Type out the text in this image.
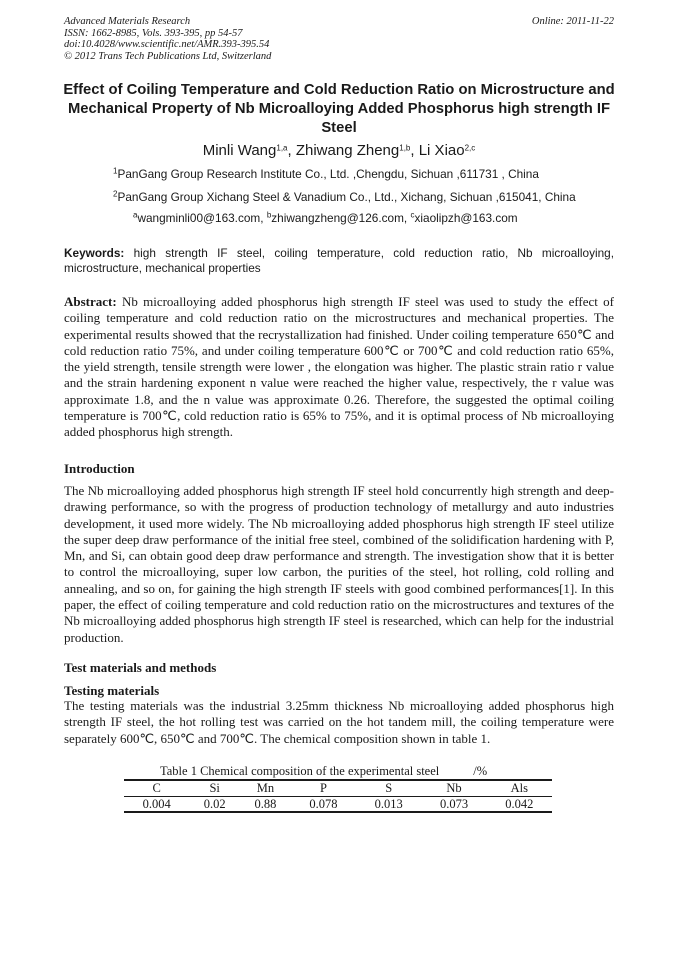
Advanced Materials Research
ISSN: 1662-8985, Vols. 393-395, pp 54-57
doi:10.4028/www.scientific.net/AMR.393-395.54
© 2012 Trans Tech Publications Ltd, Switzerland
Online: 2011-11-22
Effect of Coiling Temperature and Cold Reduction Ratio on Microstructure and Mechanical Property of Nb Microalloying Added Phosphorus high strength IF Steel
Minli Wang$^{1,a}$, Zhiwang Zheng$^{1,b}$, Li Xiao$^{2,c}$
$^1$PanGang Group Research Institute Co., Ltd. ,Chengdu, Sichuan ,611731 , China
$^2$PanGang Group Xichang Steel & Vanadium Co., Ltd., Xichang, Sichuan ,615041, China
$^a$wangminli00@163.com, $^b$zhiwangzheng@126.com, $^c$xiaolipzh@163.com
Keywords: high strength IF steel, coiling temperature, cold reduction ratio, Nb microalloying, microstructure, mechanical properties
Abstract: Nb microalloying added phosphorus high strength IF steel was used to study the effect of coiling temperature and cold reduction ratio on the microstructures and mechanical properties. The experimental results showed that the recrystallization had finished. Under coiling temperature 650℃ and cold reduction ratio 75%, and under coiling temperature 600℃ or 700℃ and cold reduction ratio 65%, the yield strength, tensile strength were lower , the elongation was higher. The plastic strain ratio r value and the strain hardening exponent n value were reached the higher value, respectively, the r value was approximate 1.8, and the n value was approximate 0.26. Therefore, the suggested the optimal coiling temperature is 700℃, cold reduction ratio is 65% to 75%, and it is optimal process of Nb microalloying added phosphorus high strength.
Introduction
The Nb microalloying added phosphorus high strength IF steel hold concurrently high strength and deep-drawing performance, so with the progress of production technology of metallurgy and auto industries development, it used more widely. The Nb microalloying added phosphorus high strength IF steel utilize the super deep draw performance of the initial free steel, combined of the solidification hardening with P, Mn, and Si, can obtain good deep draw performance and strength. The investigation show that it is better to control the microalloying, super low carbon, the purities of the steel, hot rolling, cold rolling and annealing, and so on, for gaining the high strength IF steels with good combined performances[1]. In this paper, the effect of coiling temperature and cold reduction ratio on the microstructures and textures of the Nb microalloying added phosphorus high strength IF steel is researched, which can help for the industrial production.
Test materials and methods
Testing materials
The testing materials was the industrial 3.25mm thickness Nb microalloying added phosphorus high strength IF steel, the hot rolling test was carried on the hot tandem mill, the coiling temperature were separately 600℃, 650℃ and 700℃. The chemical composition shown in table 1.
Table 1 Chemical composition of the experimental steel	/%
C	Si	Mn	P	S	Nb	Als
0.004	0.02	0.88	0.078	0.013	0.073	0.042
